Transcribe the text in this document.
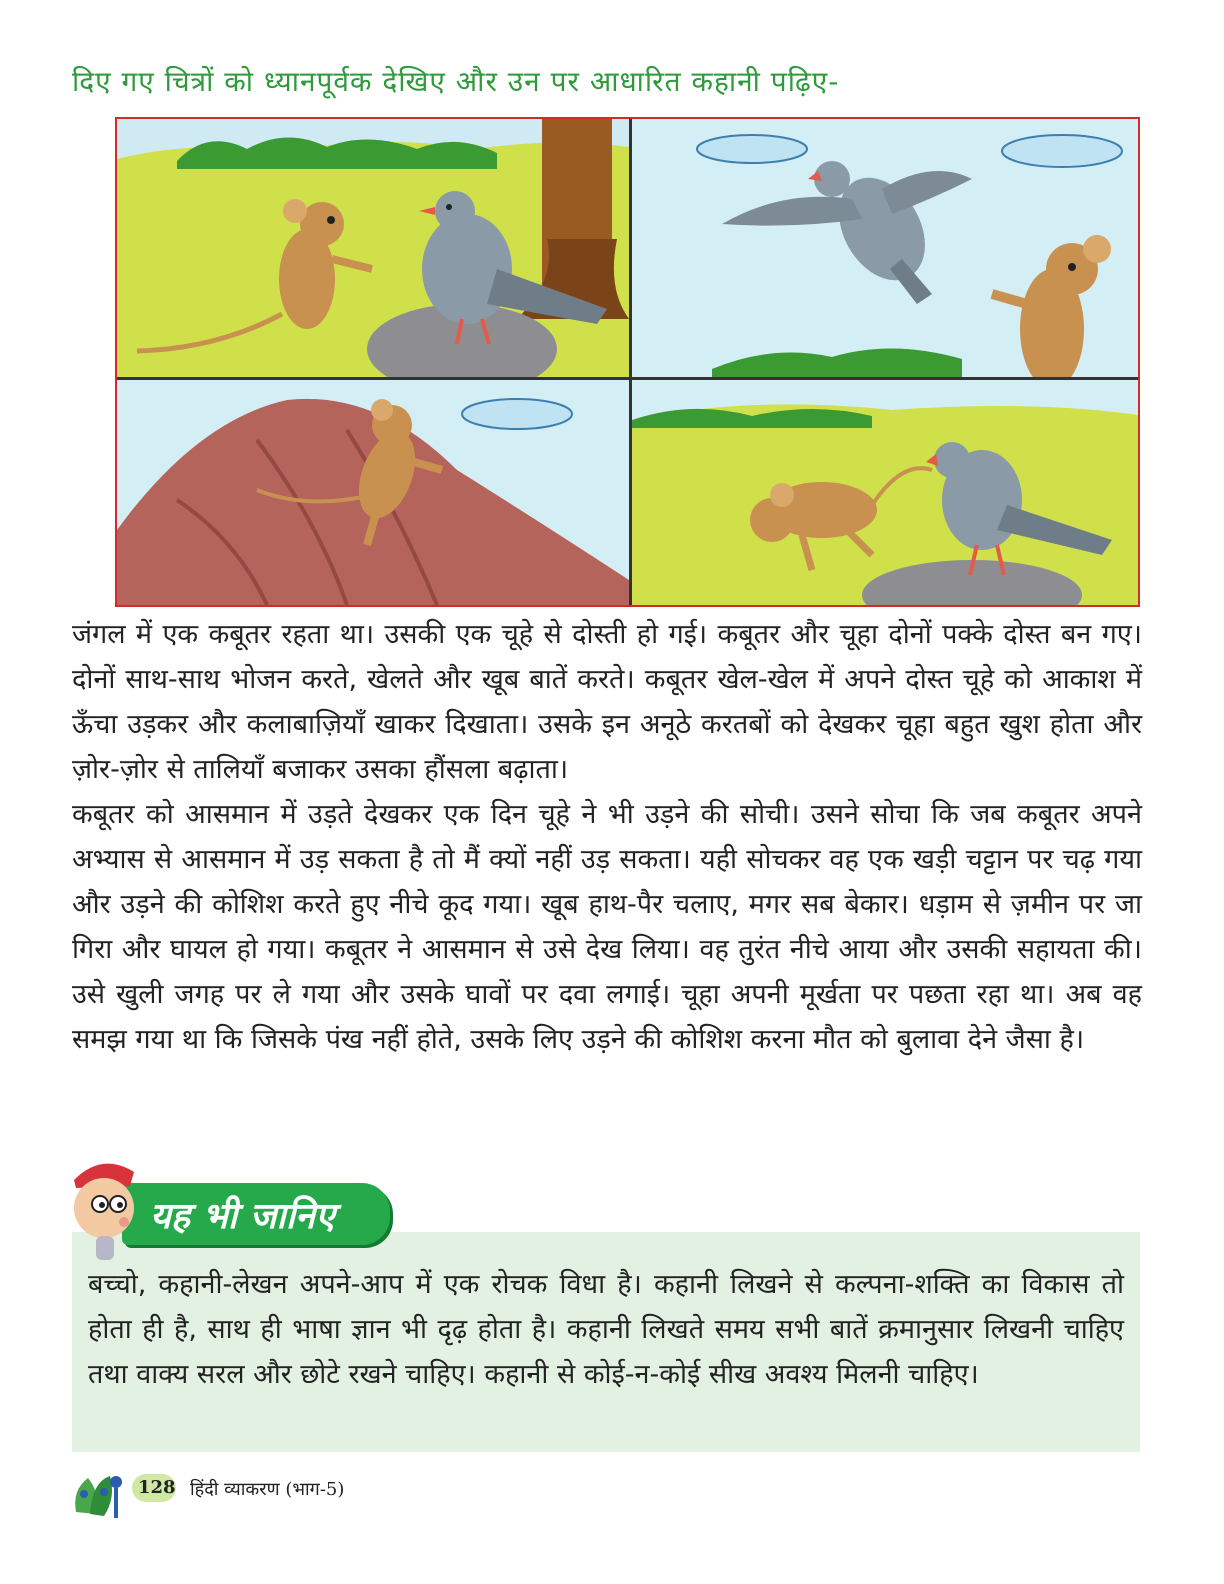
दिए गए चित्रों को ध्यानपूर्वक देखिए और उन पर आधारित कहानी पढ़िए-

जंगल में एक कबूतर रहता था। उसकी एक चूहे से दोस्ती हो गई। कबूतर और चूहा दोनों पक्के दोस्त बन गए। दोनों साथ-साथ भोजन करते, खेलते और खूब बातें करते। कबूतर खेल-खेल में अपने दोस्त चूहे को आकाश में ऊँचा उड़कर और कलाबाज़ियाँ खाकर दिखाता। उसके इन अनूठे करतबों को देखकर चूहा बहुत खुश होता और ज़ोर-ज़ोर से तालियाँ बजाकर उसका हौंसला बढ़ाता।

कबूतर को आसमान में उड़ते देखकर एक दिन चूहे ने भी उड़ने की सोची। उसने सोचा कि जब कबूतर अपने अभ्यास से आसमान में उड़ सकता है तो मैं क्यों नहीं उड़ सकता। यही सोचकर वह एक खड़ी चट्टान पर चढ़ गया और उड़ने की कोशिश करते हुए नीचे कूद गया। खूब हाथ-पैर चलाए, मगर सब बेकार। धड़ाम से ज़मीन पर जा गिरा और घायल हो गया। कबूतर ने आसमान से उसे देख लिया। वह तुरंत नीचे आया और उसकी सहायता की। उसे खुली जगह पर ले गया और उसके घावों पर दवा लगाई। चूहा अपनी मूर्खता पर पछता रहा था। अब वह समझ गया था कि जिसके पंख नहीं होते, उसके लिए उड़ने की कोशिश करना मौत को बुलावा देने जैसा है।

यह भी जानिए

बच्चो, कहानी-लेखन अपने-आप में एक रोचक विधा है। कहानी लिखने से कल्पना-शक्ति का विकास तो होता ही है, साथ ही भाषा ज्ञान भी दृढ़ होता है। कहानी लिखते समय सभी बातें क्रमानुसार लिखनी चाहिए तथा वाक्य सरल और छोटे रखने चाहिए। कहानी से कोई-न-कोई सीख अवश्य मिलनी चाहिए।

128 हिंदी व्याकरण (भाग-5)
